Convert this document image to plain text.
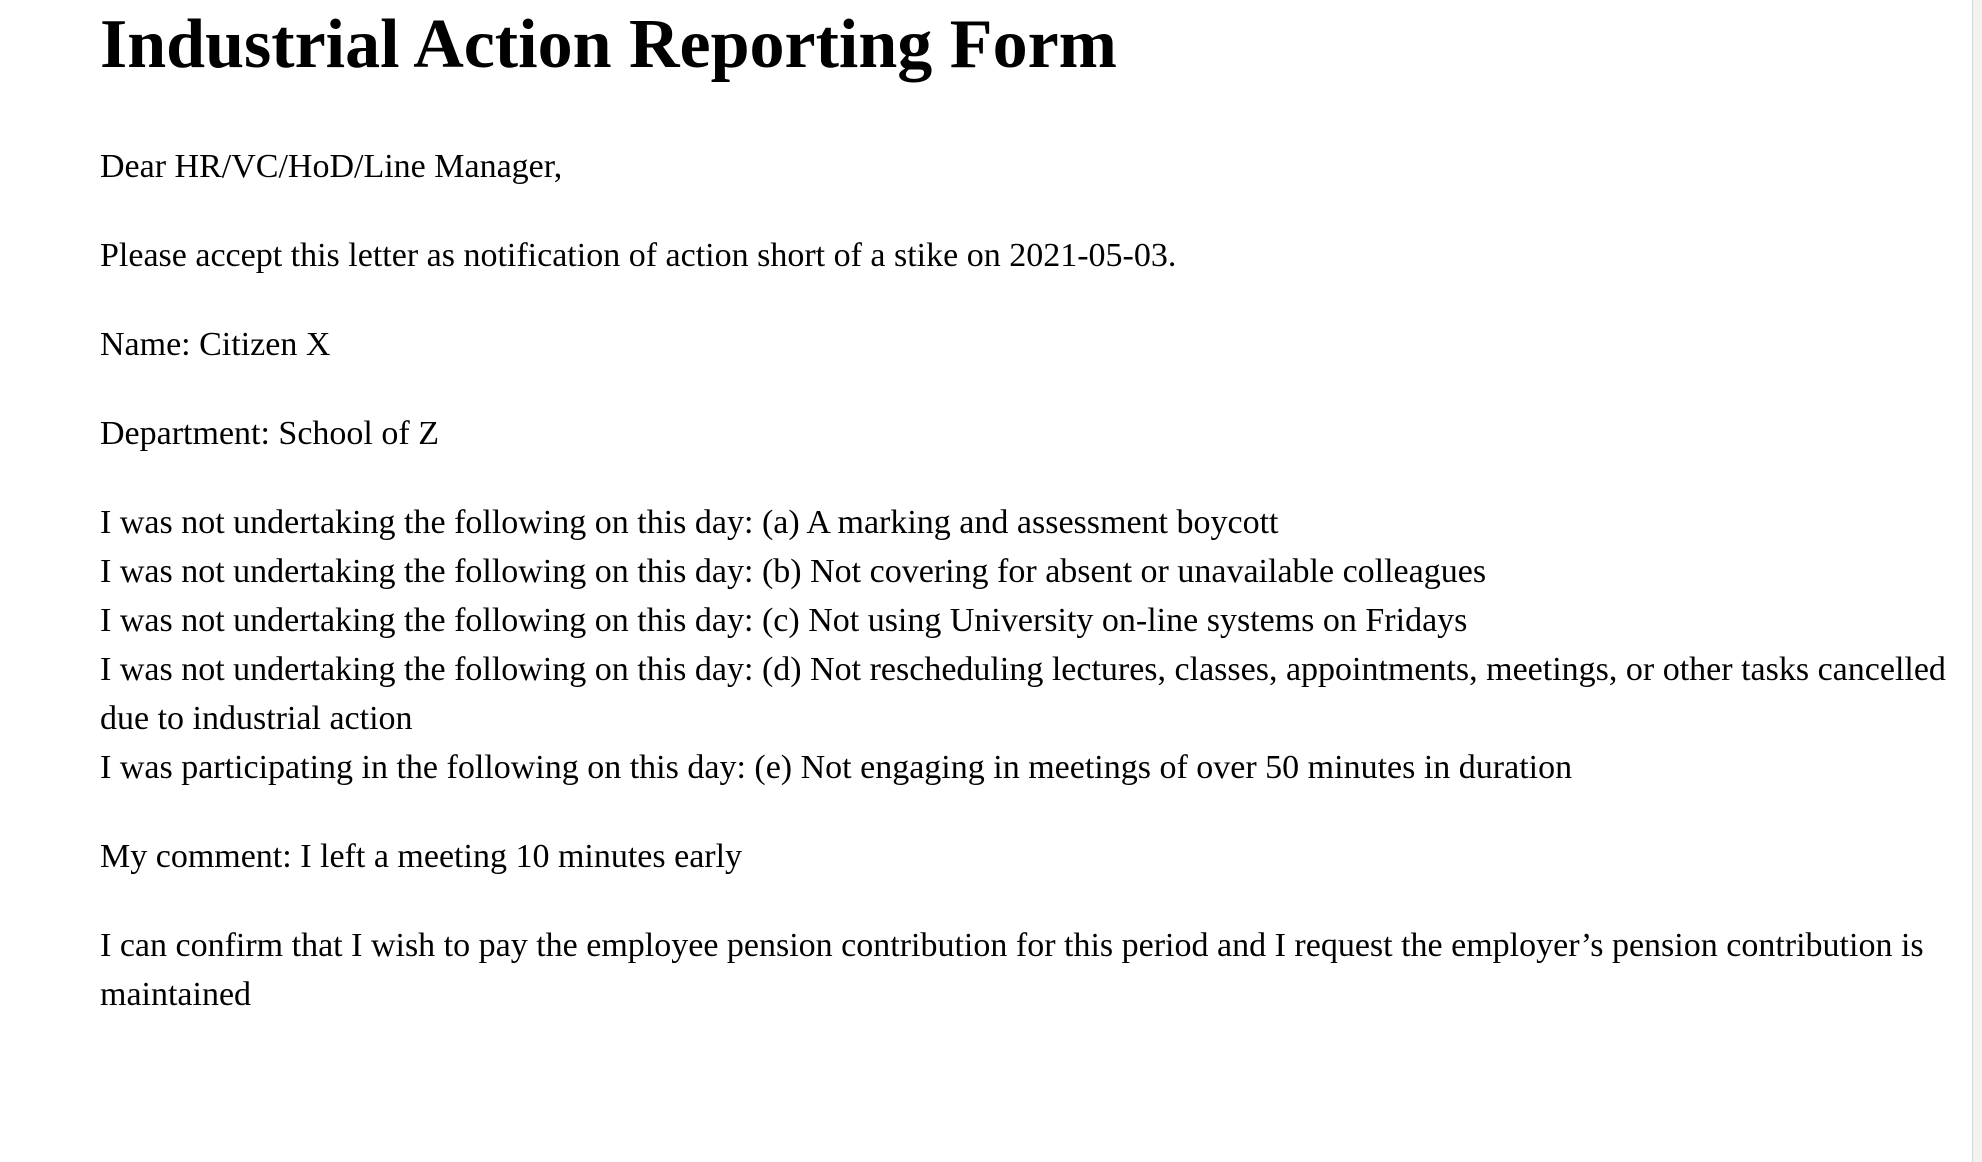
Industrial Action Reporting Form

Dear HR/VC/HoD/Line Manager,

Please accept this letter as notification of action short of a stike on 2021-05-03.

Name: Citizen X

Department: School of Z

I was not undertaking the following on this day: (a) A marking and assessment boycott

I was not undertaking the following on this day: (b) Not covering for absent or unavailable colleagues

I was not undertaking the following on this day: (c) Not using University on-line systems on Fridays

I was not undertaking the following on this day: (d) Not rescheduling lectures, classes, appointments, meetings, or other tasks cancelled due to industrial action

I was participating in the following on this day: (e) Not engaging in meetings of over 50 minutes in duration

My comment: I left a meeting 10 minutes early

I can confirm that I wish to pay the employee pension contribution for this period and I request the employer’s pension contribution is maintained
